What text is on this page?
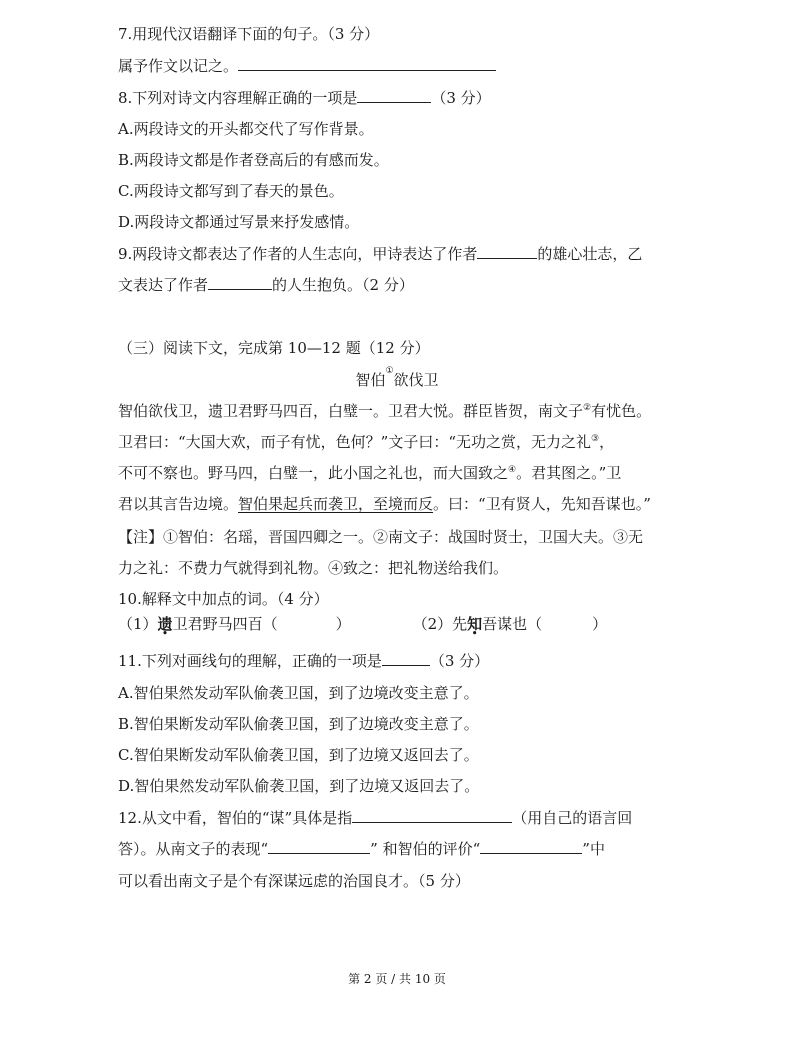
7.用现代汉语翻译下面的句子。（3 分）
属予作文以记之。
8.下列对诗文内容理解正确的一项是	（3 分）
A.两段诗文的开头都交代了写作背景。
B.两段诗文都是作者登高后的有感而发。
C.两段诗文都写到了春天的景色。
D.两段诗文都通过写景来抒发感情。
9.两段诗文都表达了作者的人生志向，甲诗表达了作者	的雄心壮志，乙
文表达了作者	的人生抱负。（2 分）
（三）阅读下文，完成第 10—12 题（12 分）
智伯①欲伐卫
智伯欲伐卫，遗卫君野马四百，白璧一。卫君大悦。群臣皆贺，南文子②有忧色。
卫君曰：“大国大欢，而子有忧，色何？”文子曰：“无功之赏，无力之礼③，
不可不察也。野马四，白璧一，此小国之礼也，而大国致之④。君其图之。”卫
君以其言告边境。智伯果起兵而袭卫，至境而反。曰：“卫有贤人，先知吾谋也。”
【注】①智伯：名瑶，晋国四卿之一。②南文子：战国时贤士，卫国大夫。③无
力之礼：不费力气就得到礼物。④致之：把礼物送给我们。
10.解释文中加点的词。（4 分）
（1）遗卫君野马四百（	）	（2）先知吾谋也（	）
11.下列对画线句的理解，正确的一项是	（3 分）
A.智伯果然发动军队偷袭卫国，到了边境改变主意了。
B.智伯果断发动军队偷袭卫国，到了边境改变主意了。
C.智伯果断发动军队偷袭卫国，到了边境又返回去了。
D.智伯果然发动军队偷袭卫国，到了边境又返回去了。
12.从文中看，智伯的“谋”具体是指	（用自己的语言回
答）。从南文子的表现“	” 和智伯的评价“	”中
可以看出南文子是个有深谋远虑的治国良才。（5 分）
第 2 页 / 共 10 页
